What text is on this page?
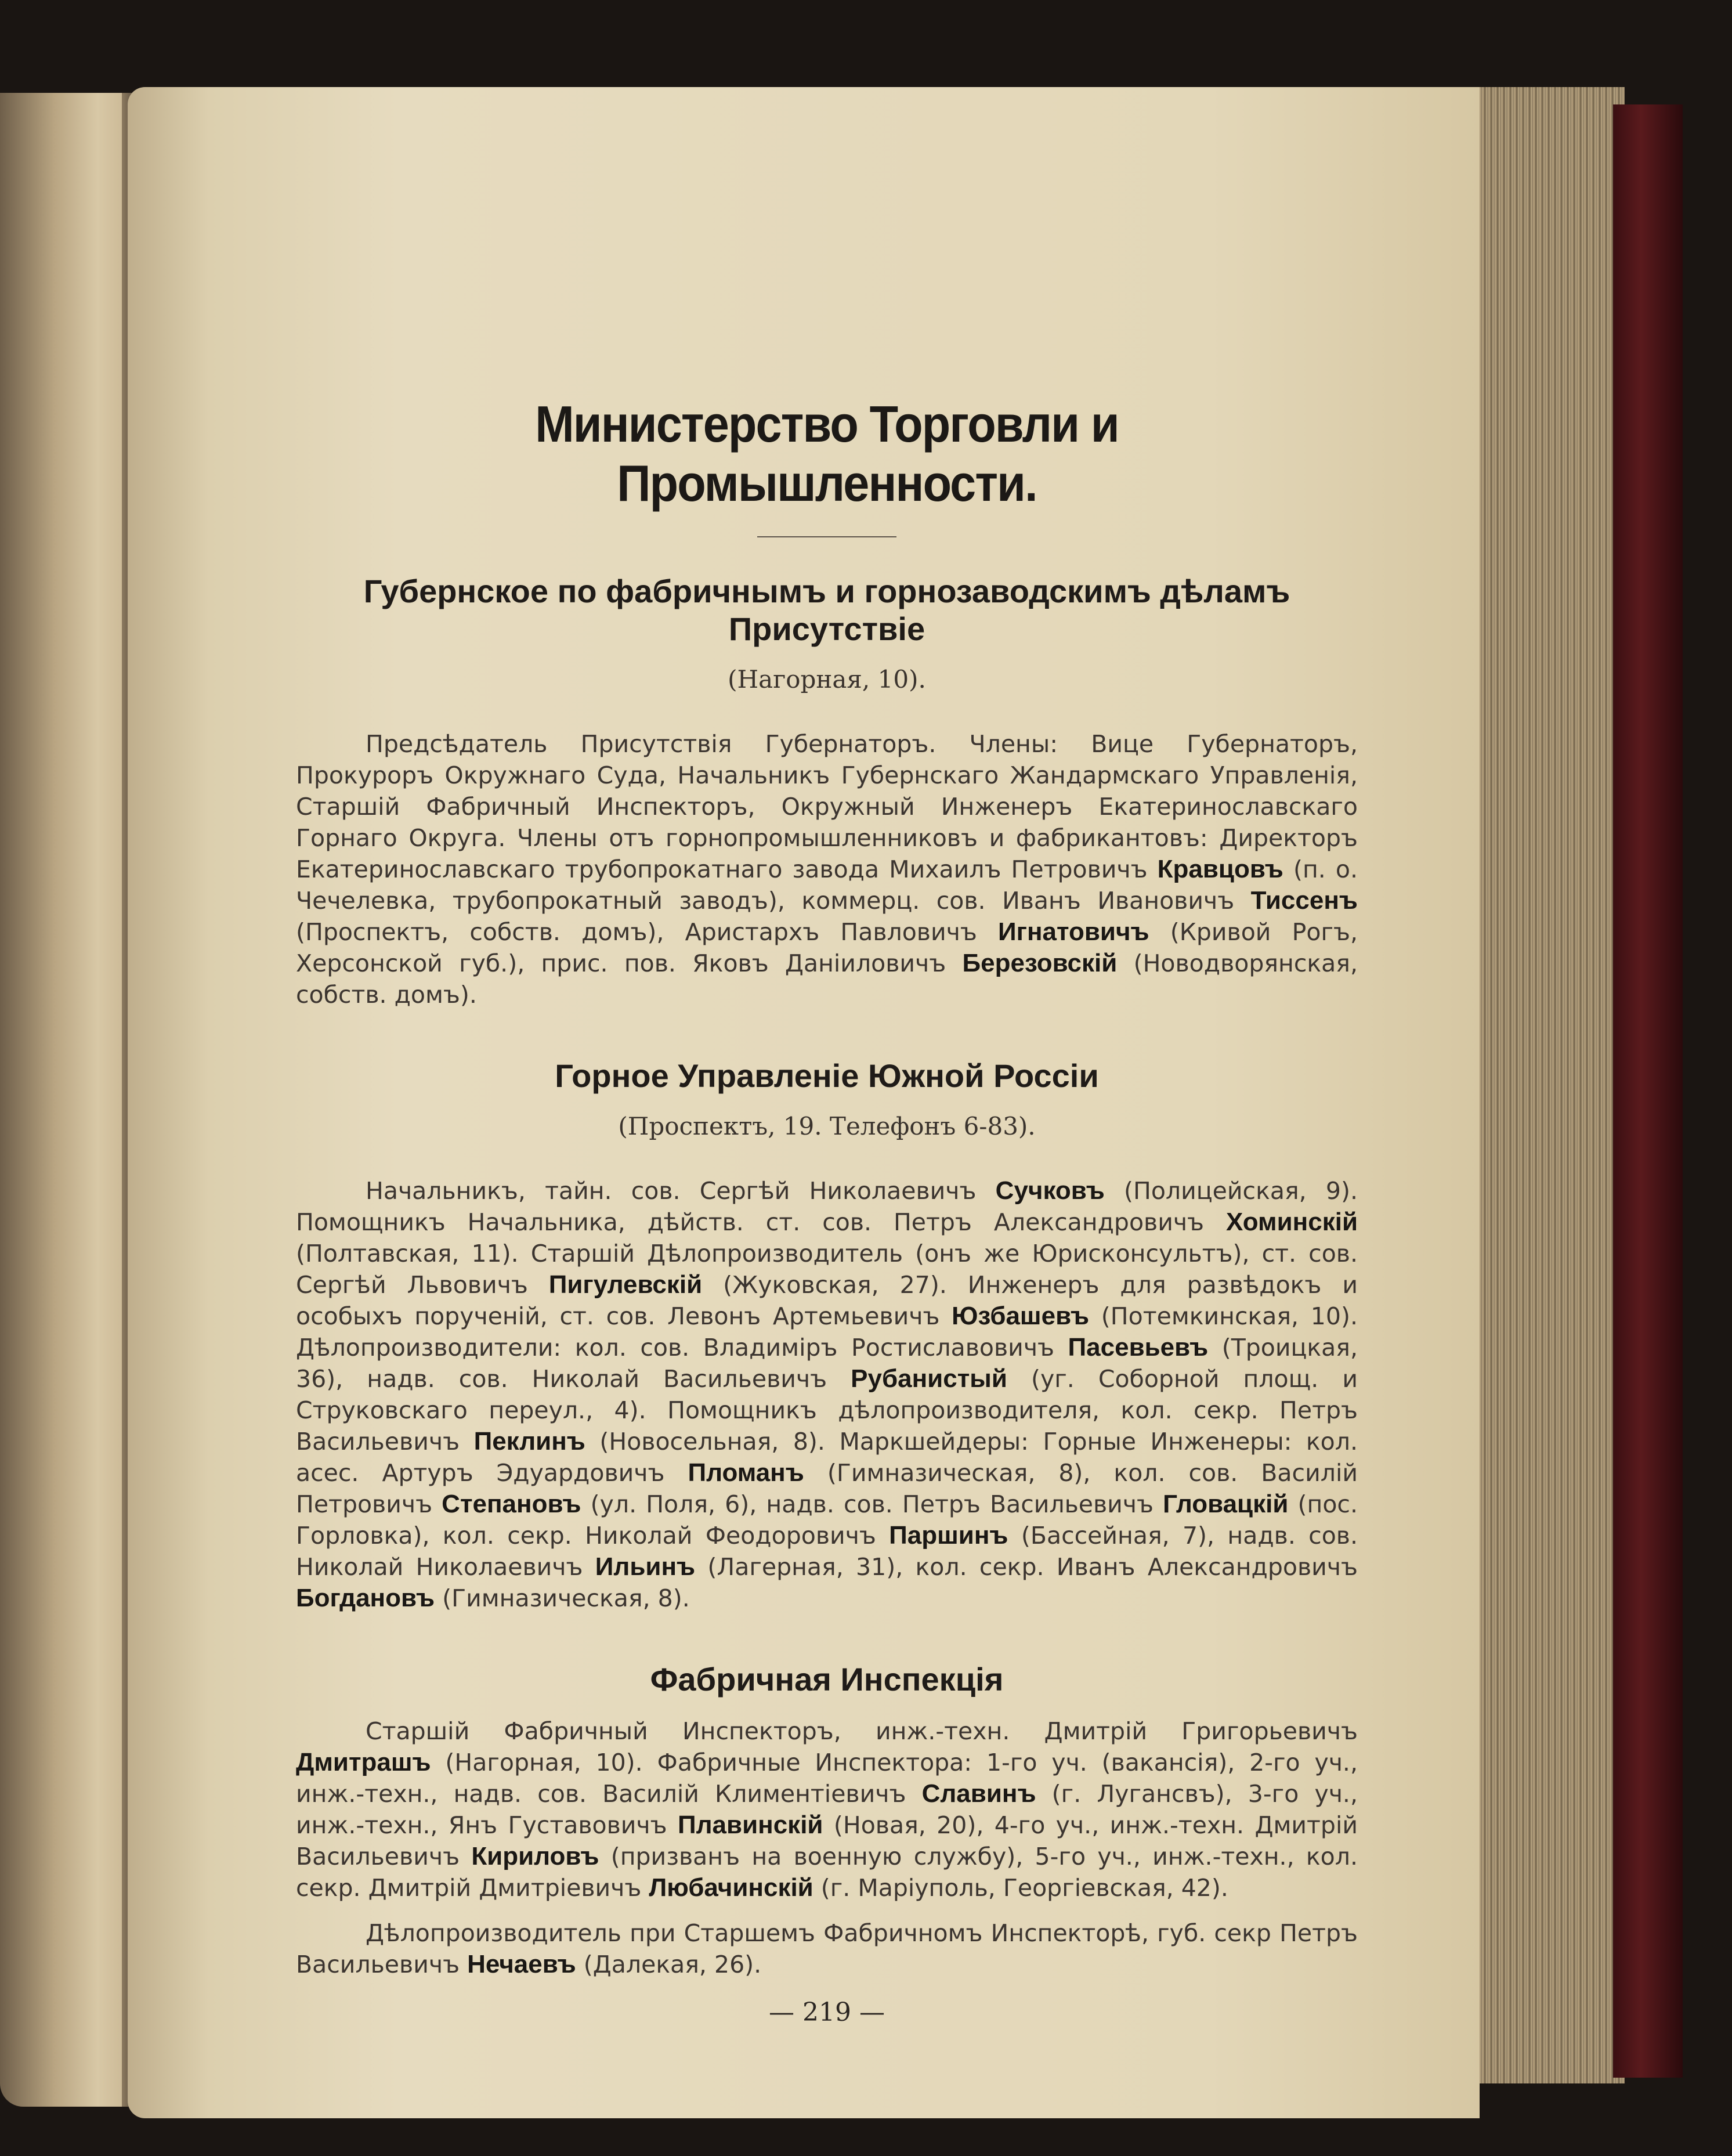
Министерство Торговли и Промышленности.
Губернское по фабричнымъ и горнозаводскимъ дѣламъ Присутствіе
(Нагорная, 10).

Предсѣдатель Присутствія Губернаторъ. Члены: Вице Губернаторъ, Прокуроръ Окружнаго Суда, Начальникъ Губернскаго Жандармскаго Управленія, Старшій Фабричный Инспекторъ, Окружный Инженеръ Екатеринославскаго Горнаго Округа. Члены отъ горнопромышленниковъ и фабрикантовъ: Директоръ Екатеринославскаго трубопрокатнаго завода Михаилъ Петровичъ Кравцовъ (п. о. Чечелевка, трубопрокатный заводъ), коммерц. сов. Иванъ Ивановичъ Тиссенъ (Проспектъ, собств. домъ), Аристархъ Павловичъ Игнатовичъ (Кривой Рогъ, Херсонской губ.), прис. пов. Яковъ Даніиловичъ Березовскій (Новодворянская, собств. домъ).

Горное Управленіе Южной Россіи
(Проспектъ, 19. Телефонъ 6-83).

Начальникъ, тайн. сов. Сергѣй Николаевичъ Сучковъ (Полицейская, 9). Помощникъ Начальника, дѣйств. ст. сов. Петръ Александровичъ Хоминскій (Полтавская, 11). Старшій Дѣлопроизводитель (онъ же Юрисконсультъ), ст. сов. Сергѣй Львовичъ Пигулевскій (Жуковская, 27). Инженеръ для развѣдокъ и особыхъ порученій, ст. сов. Левонъ Артемьевичъ Юзбашевъ (Потемкинская, 10). Дѣлопроизводители: кол. сов. Владиміръ Ростиславовичъ Пасевьевъ (Троицкая, 36), надв. сов. Николай Васильевичъ Рубанистый (уг. Соборной площ. и Струковскаго переул., 4). Помощникъ дѣлопроизводителя, кол. секр. Петръ Васильевичъ Пеклинъ (Новосельная, 8). Маркшейдеры: Горные Инженеры: кол. асес. Артуръ Эдуардовичъ Пломанъ (Гимназическая, 8), кол. сов. Василій Петровичъ Степановъ (ул. Поля, 6), надв. сов. Петръ Васильевичъ Гловацкій (пос. Горловка), кол. секр. Николай Феодоровичъ Паршинъ (Бассейная, 7), надв. сов. Николай Николаевичъ Ильинъ (Лагерная, 31), кол. секр. Иванъ Александровичъ Богдановъ (Гимназическая, 8).

Фабричная Инспекція

Старшій Фабричный Инспекторъ, инж.-техн. Дмитрій Григорьевичъ Дмитрашъ (Нагорная, 10). Фабричные Инспектора: 1-го уч. (вакансія), 2-го уч., инж.-техн., надв. сов. Василій Климентіевичъ Славинъ (г. Лугансвъ), 3-го уч., инж.-техн., Янъ Густавовичъ Плавинскій (Новая, 20), 4-го уч., инж.-техн. Дмитрій Васильевичъ Кириловъ (призванъ на военную службу), 5-го уч., инж.-техн., кол. секр. Дмитрій Дмитріевичъ Любачинскій (г. Маріуполь, Георгіевская, 42).

Дѣлопроизводитель при Старшемъ Фабричномъ Инспекторѣ, губ. секр Петръ Васильевичъ Нечаевъ (Далекая, 26).

— 219 —
